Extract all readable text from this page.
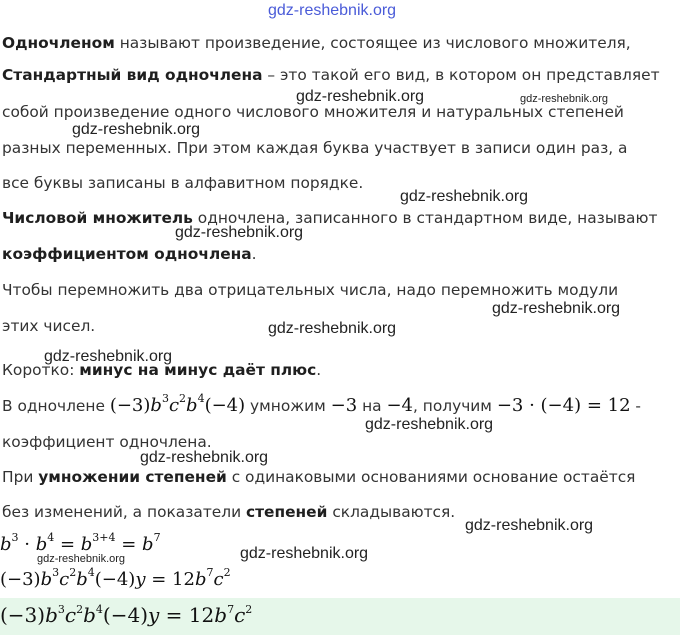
gdz-reshebnik.org
gdz-reshebnik.org	gdz-reshebnik.org
gdz-reshebnik.org
gdz-reshebnik.org
gdz-reshebnik.org
gdz-reshebnik.org
gdz-reshebnik.org
gdz-reshebnik.org
gdz-reshebnik.org
gdz-reshebnik.org
gdz-reshebnik.org
gdz-reshebnik.org
gdz-reshebnik.org
Одночленом называют произведение, состоящее из числового множителя,
Стандартный вид одночлена – это такой его вид, в котором он представляет
собой произведение одного числового множителя и натуральных степеней
разных переменных. При этом каждая буква участвует в записи один раз, а
все буквы записаны в алфавитном порядке.
Числовой множитель одночлена, записанного в стандартном виде, называют
коэффициентом одночлена.
Чтобы перемножить два отрицательных числа, надо перемножить модули
этих чисел.
Коротко: минус на минус даёт плюс.
В одночлене $(-3)b^3c^2b^4(-4)$ умножим −3 на −4, получим −3 · (−4) = 12 -
коэффициент одночлена.
При умножении степеней с одинаковыми основаниями основание остаётся
без изменений, а показатели степеней складываются.
$b^3 \cdot b^4 = b^{3+4} = b^7$
$(-3)b^3c^2b^4(-4)y = 12b^7c^2$
$(-3)b^3c^2b^4(-4)y = 12b^7c^2$
